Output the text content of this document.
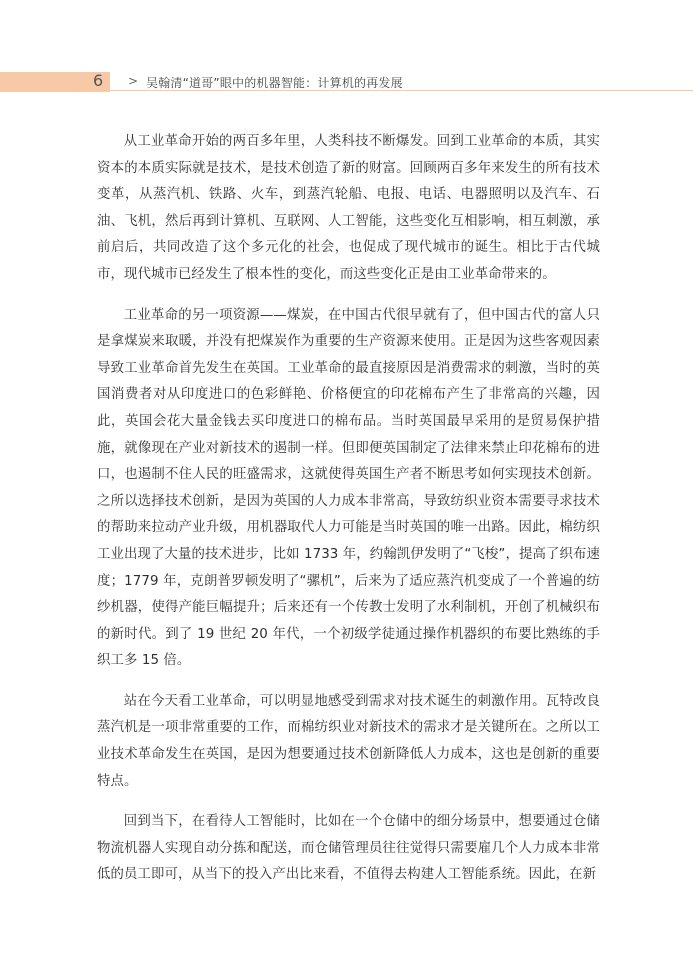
6 > 吴翰清“道哥”眼中的机器智能：计算机的再发展

从工业革命开始的两百多年里，人类科技不断爆发。回到工业革命的本质，其实资本的本质实际就是技术，是技术创造了新的财富。回顾两百多年来发生的所有技术变革，从蒸汽机、铁路、火车，到蒸汽轮船、电报、电话、电器照明以及汽车、石油、飞机，然后再到计算机、互联网、人工智能，这些变化互相影响，相互刺激，承前启后，共同改造了这个多元化的社会，也促成了现代城市的诞生。相比于古代城市，现代城市已经发生了根本性的变化，而这些变化正是由工业革命带来的。

工业革命的另一项资源——煤炭，在中国古代很早就有了，但中国古代的富人只是拿煤炭来取暖，并没有把煤炭作为重要的生产资源来使用。正是因为这些客观因素导致工业革命首先发生在英国。工业革命的最直接原因是消费需求的刺激，当时的英国消费者对从印度进口的色彩鲜艳、价格便宜的印花棉布产生了非常高的兴趣，因此，英国会花大量金钱去买印度进口的棉布品。当时英国最早采用的是贸易保护措施，就像现在产业对新技术的遏制一样。但即便英国制定了法律来禁止印花棉布的进口，也遏制不住人民的旺盛需求，这就使得英国生产者不断思考如何实现技术创新。之所以选择技术创新，是因为英国的人力成本非常高，导致纺织业资本需要寻求技术的帮助来拉动产业升级，用机器取代人力可能是当时英国的唯一出路。因此，棉纺织工业出现了大量的技术进步，比如 1733 年，约翰凯伊发明了“飞梭”，提高了织布速度；1779 年，克朗普罗顿发明了“骡机”，后来为了适应蒸汽机变成了一个普遍的纺纱机器，使得产能巨幅提升；后来还有一个传教士发明了水利制机，开创了机械织布的新时代。到了 19 世纪 20 年代，一个初级学徒通过操作机器织的布要比熟练的手织工多 15 倍。

站在今天看工业革命，可以明显地感受到需求对技术诞生的刺激作用。瓦特改良蒸汽机是一项非常重要的工作，而棉纺织业对新技术的需求才是关键所在。之所以工业技术革命发生在英国，是因为想要通过技术创新降低人力成本，这也是创新的重要特点。

回到当下，在看待人工智能时，比如在一个仓储中的细分场景中，想要通过仓储物流机器人实现自动分拣和配送，而仓储管理员往往觉得只需要雇几个人力成本非常低的员工即可，从当下的投入产出比来看，不值得去构建人工智能系统。因此，在新
